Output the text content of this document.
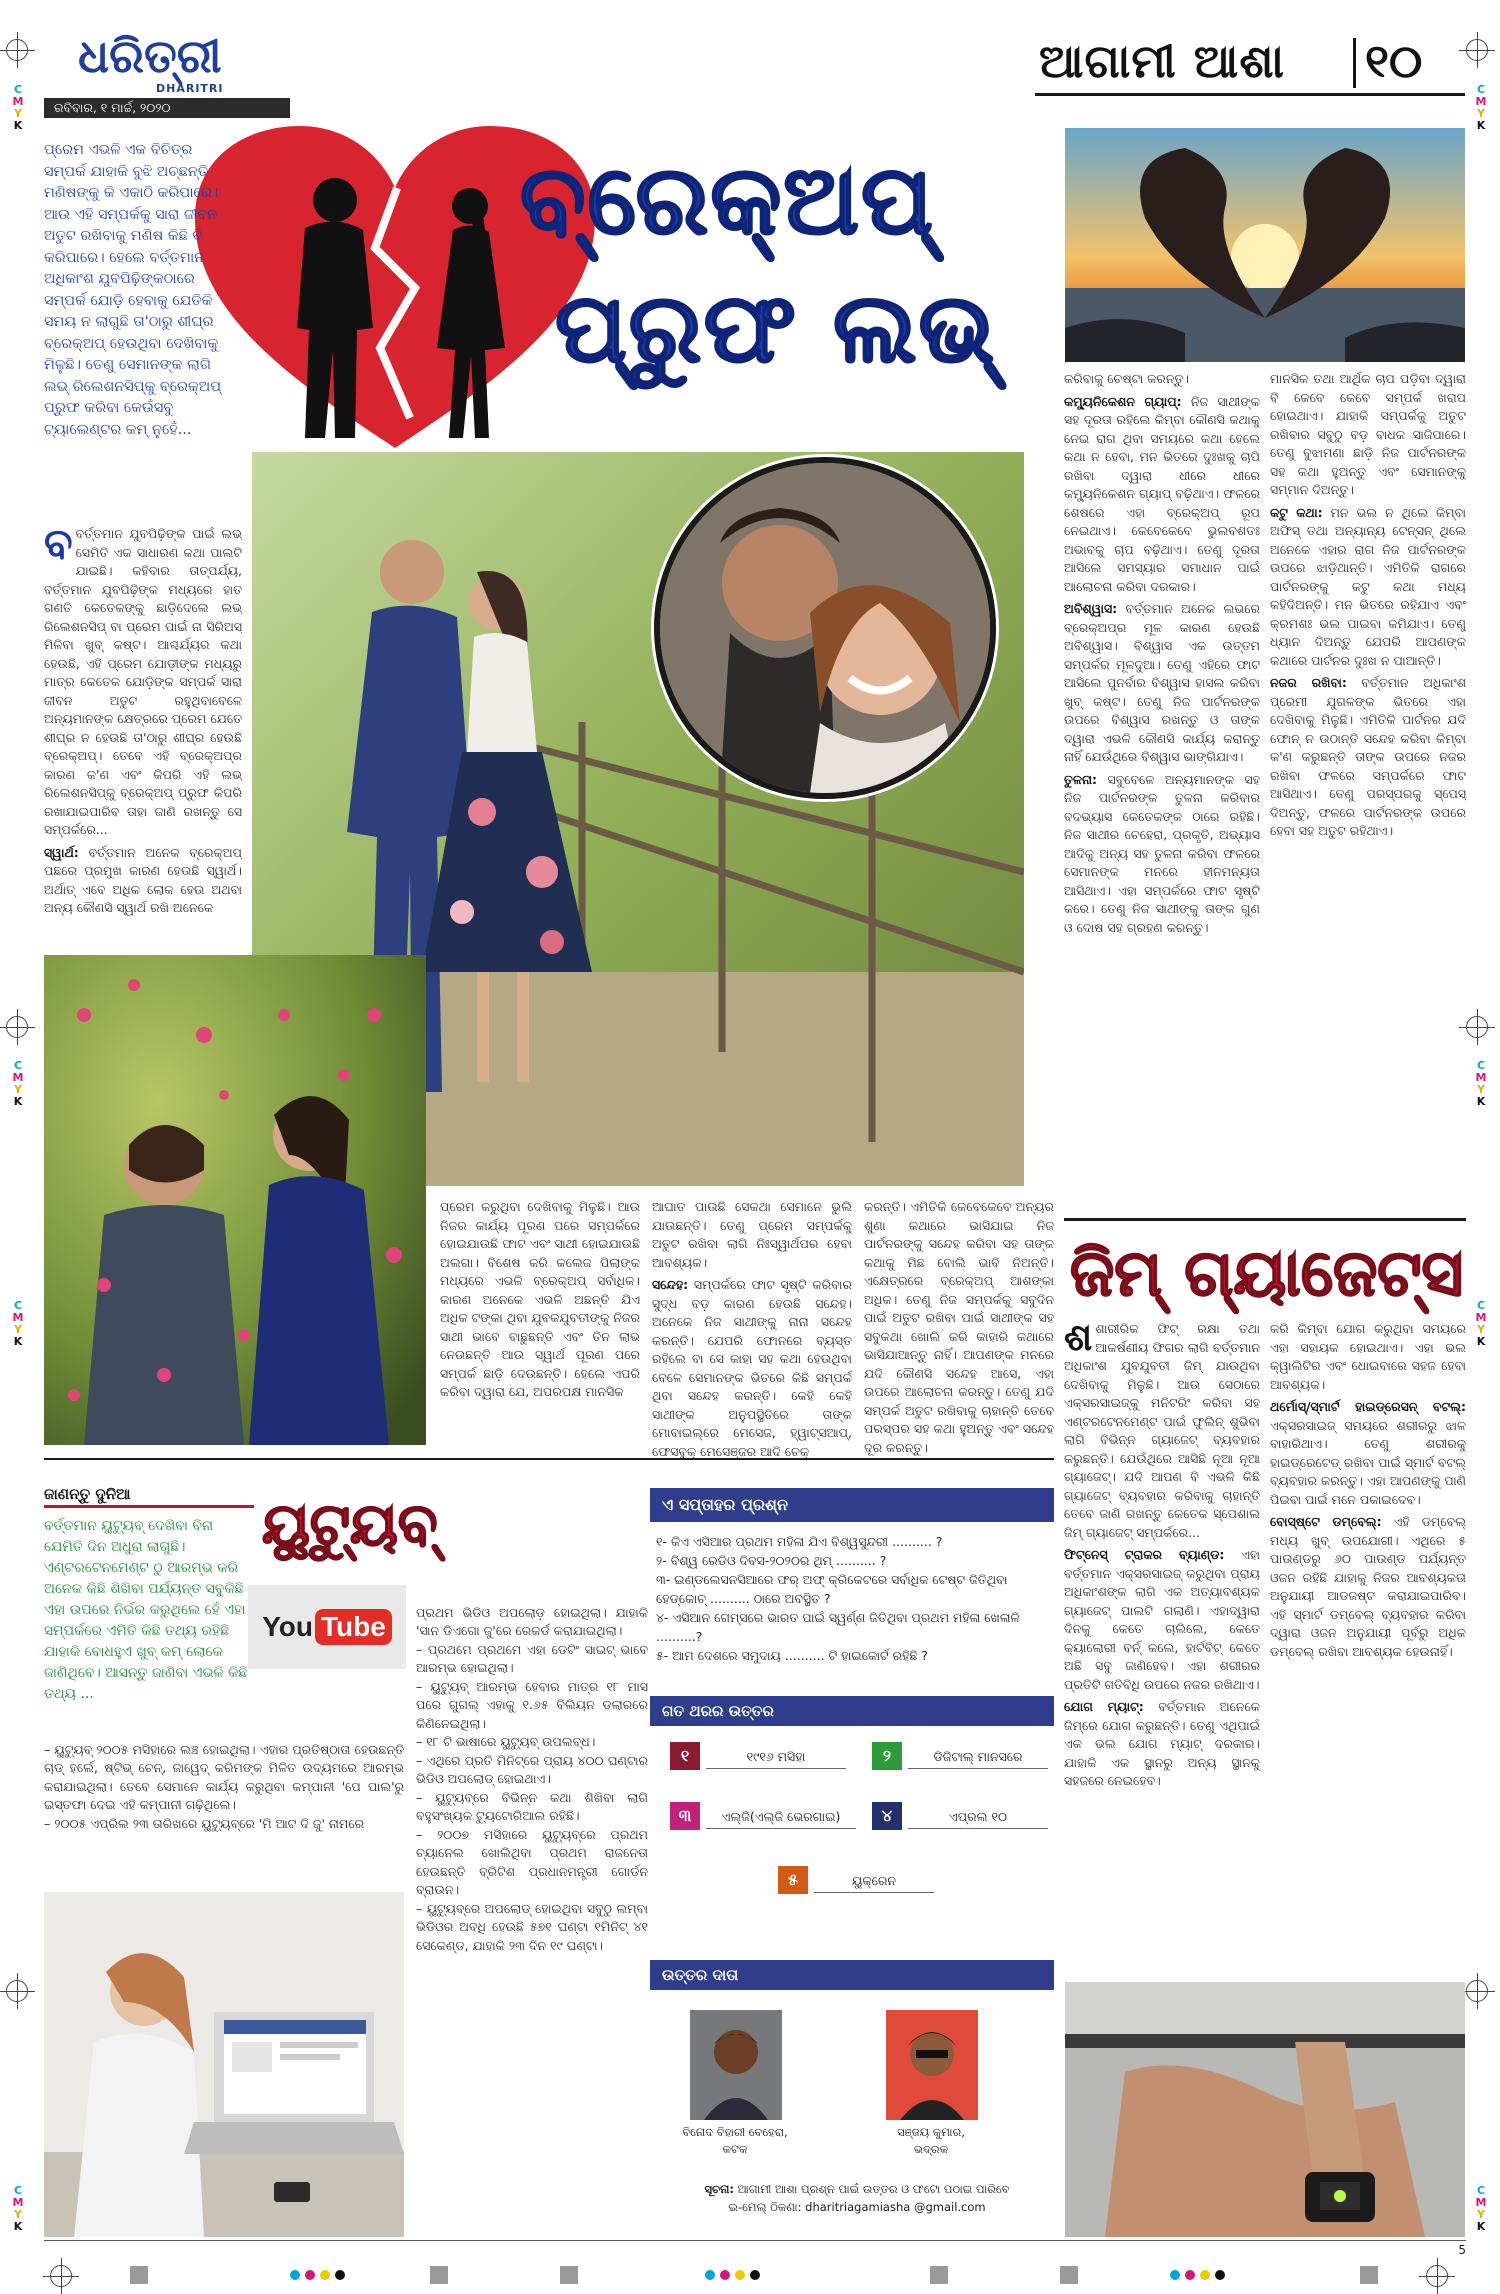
C
M
Y
K
C
M
Y
K
C
M
Y
K
C
M
Y
K
C
M
Y
K
C
M
Y
K
C
M
Y
K
C
M
Y
K
ଧରିତ୍ରୀ
DHARITRI
ରବିବାର, ୧ ମାର୍ଚ୍ଚ, ୨୦୨୦
ଆଗାମୀ ଆଶା ୧୦
ପ୍ରେମ ଏଭଳି ଏକ ବିଚିତ୍ର ସମ୍ପର୍କ ଯାହାକି ବୁଝି ଅଚ୍ଛନ୍ତି ମଣିଷଙ୍କୁ କି ଏକାଠି କରିପାରେ। ଆଉ ଏହି ସମ୍ପର୍କକୁ ସାରା ଜୀବନ ଅତୁଟ ରଖିବାକୁ ମଣିଷ କିଛି ବି କରିପାରେ। ହେଲେ ବର୍ତ୍ତମାନ ଅଧିକାଂଶ ଯୁବପିଢ଼ିଙ୍କଠାରେ ସମ୍ପର୍କ ଯୋଡ଼ି ହେବାକୁ ଯେତିକି ସମୟ ନ ଲାଗୁଛି ତା'ଠାରୁ ଶୀଘ୍ର ବ୍ରେକ୍ଅପ୍ ହେଉଥିବା ଦେଖିବାକୁ ମିଳୁଛି। ତେଣୁ ସେମାନଙ୍କ ଲାଗି ଲଭ୍ ରିଲେଶନସିପ୍‌କୁ ବ୍ରେକ୍ଅପ୍ ପ୍ରୁଫ କରିବା କେଉଁସବୁ ଟ୍ୟାଲେଣ୍ଟର କମ୍ ନୁହେଁ...
ବ୍ରେକ୍‌ଅପ୍
ପ୍ରୁଫ ଲଭ୍

ବବର୍ତ୍ତମାନ ଯୁବପିଢ଼ିଙ୍କ ପାଇଁ ଲଭ୍ ସେମିତି ଏକ ସାଧାରଣ କଥା ପାଲଟି ଯାଇଛି। କହିବାର ତାତ୍ପର୍ଯ୍ୟ, ବର୍ତ୍ତମାନ ଯୁବପିଢ଼ିଙ୍କ ମଧ୍ୟରେ ହାତ ଗଣତି କେତେକଙ୍କୁ ଛାଡ଼ିଦେଲେ ଲଭ୍ ରିଲେଶନସିପ୍ ବା ପ୍ରେମ ପାଇଁ ନା ସିରିଅସ୍ ମିଳିବା ଖୁବ୍ କଷ୍ଟ। ଆଶ୍ଚର୍ଯ୍ୟର କଥା ହେଉଛି, ଏହି ପ୍ରେମ ଯୋଡ଼ୀଙ୍କ ମଧ୍ୟରୁ ମାତ୍ର କେତେକ ଯୋଡ଼ିଙ୍କ ସମ୍ପର୍କ ସାରା ଜୀବନ ଅତୁଟ ରହୁଥିବାବେଳେ ଅନ୍ୟମାନଙ୍କ କ୍ଷେତ୍ରରେ ପ୍ରେମ ଯେତେ ଶୀଘ୍ର ନ ହେଉଛି ତା'ଠାରୁ ଶୀଘ୍ର ହେଉଛି ବ୍ରେକ୍ଅପ୍। ତେବେ ଏହି ବ୍ରେକ୍ଅପ୍‌ର କାରଣ କ'ଣ ଏବଂ କିପରି ଏହି ଲଭ୍ ରିଲେଶନସିପ୍‌କୁ ବ୍ରେକ୍ଅପ୍ ପ୍ରୁଫ କିପରି ରଖାଯାଇପାରିବ ତାହା ଜାଣି ରଖନ୍ତୁ ସେ ସମ୍ପର୍କରେ...

ସ୍ୱାର୍ଥ: ବର୍ତ୍ତମାନ ଅନେକ ବ୍ରେକ୍ଅପ୍ ପଛରେ ପ୍ରମୁଖ କାରଣ ହେଉଛି ସ୍ୱାର୍ଥ। ଅର୍ଥାତ୍ ଏବେ ଅଧିକ ଲୋକ ହେଉ ଅଥବା ଅନ୍ୟ କୌଣସି ସ୍ୱାର୍ଥ ରଖି ଅନେକେ

କରିବାକୁ ଚେଷ୍ଟା କରନ୍ତୁ।

କମ୍ୟୁନିକେଶନ ଗ୍ୟାପ୍: ନିଜ ସାଥୀଙ୍କ ସହ ଦୂରତା ରହିଲେ କିମ୍ବା କୌଣସି କଥାକୁ ନେଇ ରାଗ ଥିବା ସମୟରେ କଥା ହେଲେ କଥା ନ ହେବା, ମନ ଭିତରେ ଦୁଃଖକୁ ଚାପି ରଖିବା ଦ୍ୱାରା ଧୀରେ ଧୀରେ କମ୍ୟୁନିକେଶନ ଗ୍ୟାପ୍ ବଢ଼ିଥାଏ। ଫଳରେ ଶେଷରେ ଏହା ବ୍ରେକ୍ଅପ୍ ରୂପ ନେଇଥାଏ। କେବେକେବେ ଭୁଲବଶତଃ ଅଭାବକୁ ଚାପ ବଢ଼ିଥାଏ। ତେଣୁ ଦୂରତା ଆସିଲେ ସମସ୍ୟାର ସମାଧାନ ପାଇଁ ଆଲୋଚନା କରିବା ଦରକାର।

ଅବିଶ୍ୱାସ: ବର୍ତ୍ତମାନ ଅନେକ ଲଭରେ ବ୍ରେକ୍ଅପ୍‌ର ମୂଳ କାରଣ ହେଉଛି ଅବିଶ୍ୱାସ। ବିଶ୍ୱାସ ଏକ ଉତ୍ତମ ସମ୍ପର୍କର ମୂଳଦୁଆ। ତେଣୁ ଏହିରେ ଫାଟ ଆସିଲେ ପୁନର୍ବାର ବିଶ୍ୱାସ ହାସଲ କରିବା ଖୁବ୍ କଷ୍ଟ। ତେଣୁ ନିଜ ପାର୍ଟନରଙ୍କ ଉପରେ ବିଶ୍ୱାସ ରଖନ୍ତୁ ଓ ତାଙ୍କ ଦ୍ୱାରା ଏଭଳି କୌଣସି କାର୍ଯ୍ୟ କରାନ୍ତୁ ନାହିଁ ଯେଉଁଥିରେ ବିଶ୍ୱାସ ଭାଙ୍ଗିଯାଏ।

ତୁଳନା: ସବୁବେଳେ ଅନ୍ୟମାନଙ୍କ ସହ ନିଜ ପାର୍ଟନରଙ୍କ ତୁଳନା କରିବାର ବଦଭ୍ୟାସ କେତେକଙ୍କ ଠାରେ ରହିଛି। ନିଜ ସାଥୀର ଚେହେରା, ପ୍ରକୃତି, ଅଭ୍ୟାସ ଆଦିକୁ ଅନ୍ୟ ସହ ତୁଳନା କରିବା ଫଳରେ ସେମାନଙ୍କ ମନରେ ହୀନମନ୍ୟତା ଆସିଥାଏ। ଏହା ସମ୍ପର୍କରେ ଫାଟ ସୃଷ୍ଟି କରେ। ତେଣୁ ନିଜ ସାଥୀଙ୍କୁ ତାଙ୍କ ଗୁଣ ଓ ଦୋଷ ସହ ଗ୍ରହଣ କରନ୍ତୁ।

ମାନସିକ ତଥା ଆର୍ଥିକ ଚାପ ପଡ଼ିବା ଦ୍ୱାରା ବି କେବେ କେବେ ସମ୍ପର୍କ ଖରାପ ହୋଇଥାଏ। ଯାହାକି ସମ୍ପର୍କକୁ ଅତୁଟ ରଖିବାର ସବୁଠୁ ବଡ଼ ବାଧକ ସାଜିପାରେ। ତେଣୁ ବୁଝାମଣା ଛାଡ଼ି ନିଜ ପାର୍ଟନରଙ୍କ ସହ କଥା ହୁଅନ୍ତୁ ଏବଂ ସେମାନଙ୍କୁ ସମ୍ମାନ ଦିଅନ୍ତୁ।

କଟୁ କଥା: ମନ ଭଲ ନ ଥିଲେ କିମ୍ବା ଅଫିସ୍ ତଥା ଅନ୍ୟାନ୍ୟ ଟେନ୍‌ସନ୍ ଥିଲେ ଅନେକେ ଏହାର ରାଗ ନିଜ ପାର୍ଟନରଙ୍କ ଉପରେ ଝାଡ଼ିଥାନ୍ତି। ଏମିତିକି ରାଗରେ ପାର୍ଟନରଙ୍କୁ କଟୁ କଥା ମଧ୍ୟ କହିଦିଅନ୍ତି। ମନ ଭିତରେ ରହିଯାଏ ଏବଂ କ୍ରମଶଃ ଭଲ ପାଇବା କମିଯାଏ। ତେଣୁ ଧ୍ୟାନ ଦିଅନ୍ତୁ ଯେପରି ଆପଣଙ୍କ କଥାରେ ପାର୍ଟନର ଦୁଃଖ ନ ପାଆନ୍ତି।

ନଜର ରଖିବା: ବର୍ତ୍ତମାନ ଅଧିକାଂଶ ପ୍ରେମୀ ଯୁଗଳଙ୍କ ଭିତରେ ଏହା ଦେଖିବାକୁ ମିଳୁଛି। ଏମିତିକି ପାର୍ଟନର ଯଦି ଫୋନ୍ ନ ଉଠାନ୍ତି ସନ୍ଦେହ କରିବା କିମ୍ବା କ'ଣ କରୁଛନ୍ତି ତାଙ୍କ ଉପରେ ନଜର ରଖିବା ଫଳରେ ସମ୍ପର୍କରେ ଫାଟ ଆସିଥାଏ। ତେଣୁ ପରସ୍ପରକୁ ସ୍ପେସ୍ ଦିଅନ୍ତୁ, ଫଳରେ ପାର୍ଟନରଙ୍କ ଉପରେ ହେବା ସହ ଅତୁଟ ରହିଥାଏ।

ପ୍ରେମ କରୁଥିବା ଦେଖିବାକୁ ମିଳୁଛି। ଆଉ ନିଜର କାର୍ଯ୍ୟ ପୂରଣ ପରେ ସମ୍ପର୍କରେ ହୋଇଯାଉଛି ଫାଟ ଏବଂ ସାଥୀ ହୋଇଯାଉଛି ଅଲଗା। ବିଶେଷ କରି କଲେଜ ପିଲାଙ୍କ ମଧ୍ୟରେ ଏଭଳି ବ୍ରେକ୍ଅପ୍ ସର୍ବାଧିକ। କାରଣ ଅନେକେ ଏଭଳି ଅଛନ୍ତି ଯିଏ ଅଧିକ ଟଙ୍କା ଥିବା ଯୁବକଯୁବତୀଙ୍କୁ ନିଜର ସାଥୀ ଭାବେ ବାଛୁଛନ୍ତି ଏବଂ ତିନ ଲାଭ ନେଉଛନ୍ତି ଆଉ ସ୍ୱାର୍ଥ ପୂରଣ ପରେ ସମ୍ପର୍କ ଛାଡ଼ି ଦେଉଛନ୍ତି। ହେଲେ ଏପରି କରିବା ଦ୍ୱାରା ଯେ, ଅପରପକ୍ଷ ମାନସିକ

ଆଘାତ ପାଉଛି ସେକଥା ସେମାନେ ଭୁଲି ଯାଉଛନ୍ତି। ତେଣୁ ପ୍ରେମ ସମ୍ପର୍କକୁ ଅତୁଟ ରଖିବା ଲାଗି ନିଃସ୍ୱାର୍ଥପର ହେବା ଆବଶ୍ୟକ।

ସନ୍ଦେହ: ସମ୍ପର୍କରେ ଫାଟ ସୃଷ୍ଟି କରିବାର ସୁଦ୍ଧ ବଡ଼ କାରଣ ହେଉଛି ସନ୍ଦେହ। ଅନେକେ ନିଜ ସାଥୀଙ୍କୁ ନାନା ସନ୍ଦେହ କରନ୍ତି। ଯେପରି ଫୋନରେ ବ୍ୟସ୍ତ ରହିଲେ ବା ସେ କାହା ସହ କଥା ହେଉଥିବା ବେଳେ ସେମାନଙ୍କ ଭିତରେ କିଛି ସମ୍ପର୍କ ଥିବା ସନ୍ଦେହ କରନ୍ତି। କେହି କେହି ସାଥୀଙ୍କ ଅନୁପସ୍ଥିତିରେ ତାଙ୍କ ମୋବାଇଲ୍‌ରେ ମେସେଜ, ହ୍ୱାଟ୍ସଆପ୍, ଫେସବୁକ୍ ମେସେଞ୍ଜର ଆଦି ଚେକ୍

କରନ୍ତି। ଏମିତିକି କେବେକେବେ ଅନ୍ୟର ଶୁଣା କଥାରେ ଭାସିଯାଇ ନିଜ ପାର୍ଟନରଙ୍କୁ ସନ୍ଦେହ କରିବା ସହ ତାଙ୍କ କଥାକୁ ମିଛ ବୋଲି ଭାବି ନିଅନ୍ତି। ଏକ୍ଷେତ୍ରରେ ବ୍ରେକ୍ଅପ୍ ଆଶଙ୍କା ଅଧିକ। ତେଣୁ ନିଜ ସମ୍ପର୍କକୁ ସବୁଦିନ ପାଇଁ ଅତୁଟ ରଖିବା ପାଇଁ ସାଥୀଙ୍କ ସହ ସବୁକଥା ଖୋଲି କରି କାହାରି କଥାରେ ଭାସିଯାଆନ୍ତୁ ନାହିଁ। ଆପଣଙ୍କ ମନରେ ଯଦି କୌଣସି ସନ୍ଦେହ ଆସେ, ଏହା ଉପରେ ଆଲୋଚନା କରନ୍ତୁ। ତେଣୁ ଯଦି ସମ୍ପର୍କ ଅତୁଟ ରଖିବାକୁ ଚାହାନ୍ତି ତେବେ ପରସ୍ପର ସହ କଥା ହୁଅନ୍ତୁ ଏବଂ ସନ୍ଦେହ ଦୂର କରନ୍ତୁ।
ଜିମ୍ ଗ୍ୟାଜେଟ୍ସ

ଶଶାରୀରିକ ଫିଟ୍ ରକ୍ଷା ତଥା ଆକର୍ଷଣୀୟ ଫିଗର ଲାଗି ବର୍ତ୍ତମାନ ଅଧିକାଂଶ ଯୁବଯୁବତୀ ଜିମ୍ ଯାଉଥିବା ଦେଖିବାକୁ ମିଳୁଛି। ଆଉ ସେଠାରେ ଏକ୍ସରସାଇଜ୍‌କୁ ମନିଟରିଂ କରିବା ସହ ଏଣ୍ଟରଟେନମେଣ୍ଟ ପାଇଁ ଫୁଲିନ୍ ଶୁଭିବା ଲାଗି ବିଭିନ୍ନ ଗ୍ୟାଜେଟ୍ ବ୍ୟବହାର କରୁଛନ୍ତି। ଯେଉଁଥିରେ ଆସିଛି ନୂଆ ନୂଆ ଗ୍ୟାଜେଟ୍। ଯଦି ଆପଣ ବି ଏଭଳି କିଛି ଗ୍ୟାଜେଟ୍ ବ୍ୟବହାର କରିବାକୁ ଚାହାନ୍ତି ତେବେ ଜାଣି ରଖନ୍ତୁ କେତେକ ସ୍ପେଶାଲ ଜିମ୍ ଗ୍ୟାଜେଟ୍ ସମ୍ପର୍କରେ...

ଫିଟ୍‌ନେସ୍ ଟ୍ରାକର ବ୍ୟାଣ୍ଡ: ଏହା ବର୍ତ୍ତମାନ ଏକ୍ସରସାଇଜ୍ କରୁଥିବା ପ୍ରାୟ ଅଧିକାଂଶଙ୍କ ଲାଗି ଏକ ଅତ୍ୟାବଶ୍ୟକ ଗ୍ୟାଜେଟ୍ ପାଲଟି ଗଲାଣି। ଏହାଦ୍ୱାରା ଦିନକୁ କେତେ ଚାଲିଲେ, କେତେ କ୍ୟାଲୋରୀ ବର୍ନ୍ କଲେ, ହାର୍ଟବିଟ୍ କେତେ ଅଛି ସବୁ ଜାଣିହେବ। ଏହା ଶରୀରର ପ୍ରତିଟି ଗତିବିଧି ଉପରେ ନଜର ରଖିଥାଏ।

ଯୋଗ ମ୍ୟାଟ୍: ବର୍ତ୍ତମାନ ଅନେକେ ଜିମ୍‌ରେ ଯୋଗ କରୁଛନ୍ତି। ତେଣୁ ଏଥିପାଇଁ ଏକ ଭଲ ଯୋଗ ମ୍ୟାଟ୍ ଦରକାର। ଯାହାକି ଏକ ସ୍ଥାନରୁ ଅନ୍ୟ ସ୍ଥାନକୁ ସହଜରେ ନେଇହେବ।

କରି କିମ୍ବା ଯୋଗ କରୁଥିବା ସମୟରେ ଏହା ସହାୟକ ହୋଇଥାଏ। ଏହା ଭଲ କ୍ୱାଲିଟିର ଏବଂ ଧୋଇବାରେ ସହଜ ହେବା ଆବଶ୍ୟକ।

ଥର୍ମୋସ୍/ସ୍ମାର୍ଟ ହାଇଡ୍ରେସନ୍ ବଟଲ୍: ଏକ୍ସରସାଇଜ୍ ସମୟରେ ଶରୀରରୁ ଝାଳ ବାହାରିଥାଏ। ତେଣୁ ଶରୀରକୁ ହାଇଡ୍ରେଟେଡ୍ ରଖିବା ପାଇଁ ସ୍ମାର୍ଟ ବଟଲ୍ ବ୍ୟବହାର କରନ୍ତୁ। ଏହା ଆପଣଙ୍କୁ ପାଣି ପିଇବା ପାଇଁ ମନେ ପକାଇଦେବ।

ବୋସ୍‌ଷ୍ଟେ ଡମ୍ବେଲ୍: ଏହି ଡମ୍ବେଲ୍ ମଧ୍ୟ ଖୁବ୍ ଉପଯୋଗୀ। ଏଥିରେ ୫ ପାଉଣ୍ଡରୁ ୬୦ ପାଉଣ୍ଡ ପର୍ଯ୍ୟନ୍ତ ଓଜନ ରହିଛି ଯାହାକୁ ନିଜର ଆବଶ୍ୟକତା ଅନୁଯାୟୀ ଆଡଜଷ୍ଟ କରାଯାଇପାରିବ। ଏହି ସ୍ମାର୍ଟ ଡମ୍ବେଲ୍ ବ୍ୟବହାର କରିବା ଦ୍ୱାରା ଓଜନ ଅନୁଯାୟୀ ପୂର୍ବରୁ ଅଧିକ ଡମ୍ବେଲ୍ ରଖିବା ଆବଶ୍ୟକ ହେଉନାହିଁ।

ଜାଣନ୍ତୁ ଦୁନିଆ
ବର୍ତ୍ତମାନ ୟୁଟ୍ୟୁବ୍ ଦେଖିବା ବିନା ଯେମିତି ଦିନ ଅଧୁରା ଲାଗୁଛି। ଏଣ୍ଟରଟେନମେଣ୍ଟ ଠୁ ଆରମ୍ଭ କରି ଅନେକ କିଛି ଶିଖିବା ପର୍ଯ୍ୟନ୍ତ ସବୁକିଛି ଏହା ଉପରେ ନିର୍ଭର କରୁଥିଲେ ହେଁ ଏହା ସମ୍ପର୍କରେ ଏମିତି କିଛି ତଥ୍ୟ ରହିଛି ଯାହାକି ବୋଧହୁଏ ଖୁବ୍ କମ୍ ଲୋକେ ଜାଣିଥିବେ। ଆସନ୍ତୁ ଜାଣିବା ଏଭଳି କିଛି ତଥ୍ୟ ...
ୟୁଟ୍ୟୁବ୍
You Tube

– ୟୁଟ୍ୟୁବ୍ ୨୦୦୫ ମସିହାରେ ଲଞ୍ଚ ହୋଇଥିଲା। ଏହାର ପ୍ରତିଷ୍ଠାତା ହେଉଛନ୍ତି ଚାଡ୍ ହର୍ଲେ, ଷ୍ଟିଭ୍ ଚେନ୍, ଜାୱେଦ୍ କରିମଙ୍କ ମିଳିତ ଉଦ୍ୟମରେ ଆରମ୍ଭ କରାଯାଇଥିଲା। ତେବେ ସେମାନେ କାର୍ଯ୍ୟ କରୁଥିବା କମ୍ପାନୀ 'ପେ ପାଲ'ରୁ ଇସ୍ତଫା ଦେଇ ଏହି କମ୍ପାନୀ ଗଢ଼ିଥିଲେ।
– ୨୦୦୫ ଏପ୍ରିଲ ୨୩ ତାରିଖରେ ୟୁଟ୍ୟୁବ୍‌ରେ 'ମି ଆଟ ଦି ଜୁ' ନାମରେ

ପ୍ରଥମ ଭିଡିଓ ଅପଲୋଡ଼ ହୋଇଥିଲା। ଯାହାକି 'ସାନ ଡିଏଗୋ ଜୁ'ରେ ରେକର୍ଡ କରାଯାଇଥିଲା।
– ପ୍ରଥମେ ପ୍ରଥମେ ଏହା ଡେଟିଂ ସାଇଟ୍ ଭାବେ ଆରମ୍ଭ ହୋଇଥିଲା।
– ୟୁଟ୍ୟୁବ୍ ଆରମ୍ଭ ହେବାର ମାତ୍ର ୧୮ ମାସ ପରେ ଗୁଗଲ୍ ଏହାକୁ ୧.୬୫ ବିଲିୟନ ଡଲାରରେ କିଣିନେଇଥିଲା।
– ୧୮ ଟି ଭାଷାରେ ୟୁଟ୍ୟୁବ୍ ଉପଲବ୍ଧ।
– ଏଥିରେ ପ୍ରତି ମିନିଟ୍‌ରେ ପ୍ରାୟ ୪୦୦ ଘଣ୍ଟାର ଭିଡିଓ ଅପଲୋଡ୍ ହୋଇଥାଏ।
– ୟୁଟ୍ୟୁବ୍‌ରେ ବିଭିନ୍ନ କଥା ଶିଖିବା ଲାଗି ବହୁସଂଖ୍ୟକ ଟ୍ୟୁଟୋରିଆଲ ରହିଛି।
– ୨୦୦୭ ମସିହାରେ ୟୁଟ୍ୟୁବ୍‌ରେ ପ୍ରଥମ ଚ୍ୟାନେଲ ଖୋଲିଥିବା ପ୍ରଥମ ରାଜନେତା ହେଉଛନ୍ତି ବ୍ରିଟିଶ ପ୍ରଧାନମନ୍ତ୍ରୀ ଗୋର୍ଡନ ବ୍ରାଉନ।
– ୟୁଟ୍ୟୁବ୍‌ରେ ଅପଲୋଡ୍ ହୋଇଥିବା ସବୁଠୁ ଲମ୍ବା ଭିଡିଓର ଅବଧି ହେଉଛି ୫୭୧ ଘଣ୍ଟା ୧ମିନିଟ୍ ୪୧ ସେକେଣ୍ଡ, ଯାହାକି ୨୩ ଦିନ ୧୯ ଘଣ୍ଟା।

ଏ ସପ୍ତାହର ପ୍ରଶ୍ନ
୧- କିଏ ଏସିଆର ପ୍ରଥମ ମହିଳା ଯିଏ ବିଶ୍ୱସୁନ୍ଦରୀ .......... ?
୨- ବିଶ୍ୱ ରେଡିଓ ଦିବସ-୨୦୨୦ର ଥିମ୍ .......... ?
୩- ଇଣ୍ଡଲେସନସିଆରେ ଫର୍ ଅଫ୍ କ୍ରିକେଟରେ ସର୍ବାଧିକ ଟେଷ୍ଟ ଜିତିଥିବା ହେଡ୍‌କୋଚ୍ .......... ଠାରେ ଅବସ୍ଥିତ ?
୪- ଏସିଆନ ଗେମ୍‌ସରେ ଭାରତ ପାଇଁ ସ୍ୱର୍ଣ୍ଣ ଜିତିଥିବା ପ୍ରଥମ ମହିଳା ଖେଳାଳି ..........?
୫- ଆମ ଦେଶରେ ସମୁଦାୟ .......... ଟି ହାଇକୋର୍ଟ ରହିଛି ?
ଗତ ଥରର ଉତ୍ତର
୧	୧୯୧୬ ମସିହା	୨	ଡିଜିଟାଲ୍ ମାନସରେ
୩	ଏଲ୍‌ଜି(ଏଲ୍‌ଜି ଭେରଗାଇ)	୪	ଏପ୍ରଲ ୧୦
୫	ୟୁକ୍ରେନ
ଉତ୍ତର ଦାତା
ବିନୋଦ ବିହାରୀ ବେହେରା,
କଟକ
ସଞ୍ଜୟ କୁମାର,
ଭଦ୍ରକ
ସୂଚନା: ଆଗାମୀ ଆଶା ପ୍ରଶ୍ନ ପାଇଁ ଉତ୍ତର ଓ ଫଟୋ ପଠାଇ ପାରିବେ
ଇ-ମେଲ୍ ଠିକଣା: dharitriagamiasha @gmail.com
5
